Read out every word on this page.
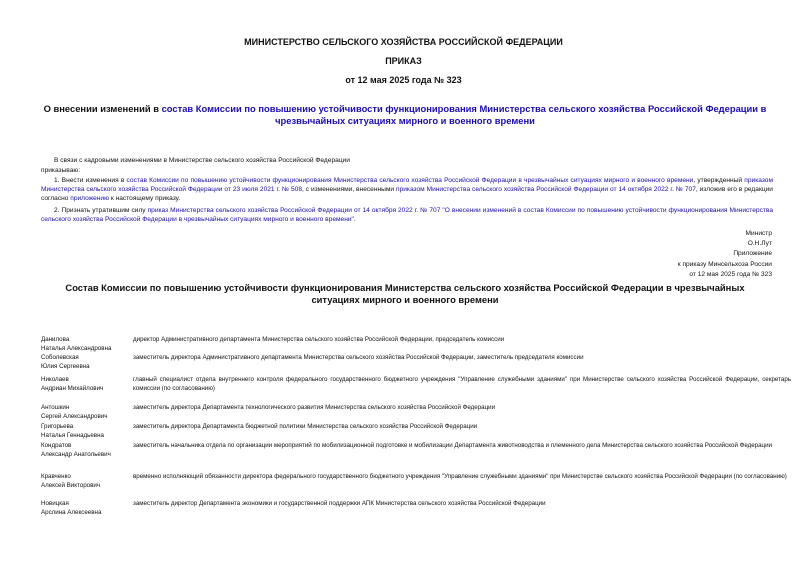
МИНИСТЕРСТВО СЕЛЬСКОГО ХОЗЯЙСТВА РОССИЙСКОЙ ФЕДЕРАЦИИ
ПРИКАЗ
от 12 мая 2025 года № 323
О внесении изменений в состав Комиссии по повышению устойчивости функционирования Министерства сельского хозяйства Российской Федерации в чрезвычайных ситуациях мирного и военного времени
В связи с кадровыми изменениями в Министерстве сельского хозяйства Российской Федерации
приказываю:
1. Внести изменения в состав Комиссии по повышению устойчивости функционирования Министерства сельского хозяйства Российской Федерации в чрезвычайных ситуациях мирного и военного времени, утвержденный приказом Министерства сельского хозяйства Российской Федерации от 23 июля 2021 г. № 508, с изменениями, внесенными приказом Министерства сельского хозяйства Российской Федерации от 14 октября 2022 г. № 707, изложив его в редакции согласно приложению к настоящему приказу.
2. Признать утратившим силу приказ Министерства сельского хозяйства Российской Федерации от 14 октября 2022 г. № 707 "О внесении изменений в состав Комиссии по повышению устойчивости функционирования Министерства сельского хозяйства Российской Федерации в чрезвычайных ситуациях мирного и военного времени".
Министр
О.Н.Лут
Приложение
к приказу Минсельхоза России
от 12 мая 2025 года № 323
Состав Комиссии по повышению устойчивости функционирования Министерства сельского хозяйства Российской Федерации в чрезвычайных ситуациях мирного и военного времени
Данилова
Наталья Александровна
директор Административного департамента Министерства сельского хозяйства Российской Федерации, председатель комиссии
Соболевская
Юлия Сергеевна
заместитель директора Административного департамента Министерства сельского хозяйства Российской Федерации, заместитель председателя комиссии
Николаев
Андриан Михайлович
главный специалист отдела внутреннего контроля федерального государственного бюджетного учреждения "Управление служебными зданиями" при Министерстве сельского хозяйства Российской Федерации, секретарь комиссии (по согласованию)
Антошкин
Сергей Александрович
заместитель директора Департамента технологического развития Министерства сельского хозяйства Российской Федерации
Григорьева
Наталья Геннадьевна
заместитель директора Департамента бюджетной политики Министерства сельского хозяйства Российской Федерации
Кондратов
Александр Анатольевич
заместитель начальника отдела по организации мероприятий по мобилизационной подготовке и мобилизации Департамента животноводства и племенного дела Министерства сельского хозяйства Российской Федерации
Кравченко
Алексей Викторович
временно исполняющий обязанности директора федерального государственного бюджетного учреждения "Управление служебными зданиями" при Министерстве сельского хозяйства Российской Федерации (по согласованию)
Новицкая
Арслина Алексеевна
заместитель директор Департамента экономики и государственной поддержки АПК Министерства сельского хозяйства Российской Федерации
